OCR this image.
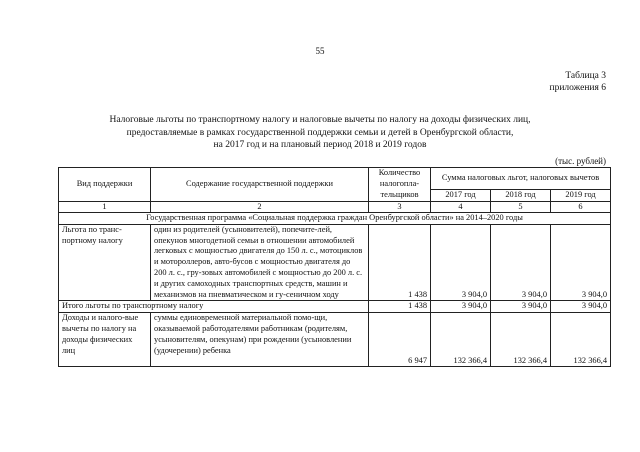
55
Таблица 3
приложения 6
Налоговые льготы по транспортному налогу и налоговые вычеты по налогу на доходы физических лиц,
предоставляемые в рамках государственной поддержки семьи и детей в Оренбургской области,
на 2017 год и на плановый период 2018 и 2019 годов
(тыс. рублей)
Вид поддержки	Содержание государственной поддержки	Количество налогопла-тельщиков	Сумма налоговых льгот, налоговых вычетов		
			2017 год	2018 год	2019 год
1	2	3	4	5	6
Государственная программа «Социальная поддержка граждан Оренбургской области» на 2014–2020 годы					
Льгота по транс-портному налогу	один из родителей (усыновителей), попечите-лей, опекунов многодетной семьи в отношении автомобилей легковых с мощностью двигателя до 150 л. с., мотоциклов и мотороллеров, авто-бусов с мощностью двигателя до 200 л. с., гру-зовых автомобилей с мощностью до 200 л. с. и других самоходных транспортных средств, машин и механизмов на пневматическом и гу-сеничном ходу	1 438	3 904,0	3 904,0	3 904,0
Итого льготы по транспортному налогу		1 438	3 904,0	3 904,0	3 904,0
Доходы и налого-вые вычеты по налогу на доходы физических лиц	суммы единовременной материальной помо-щи, оказываемой работодателями работникам (родителям, усыновителям, опекунам) при рождении (усыновлении (удочерении) ребенка	6 947	132 366,4	132 366,4	132 366,4
